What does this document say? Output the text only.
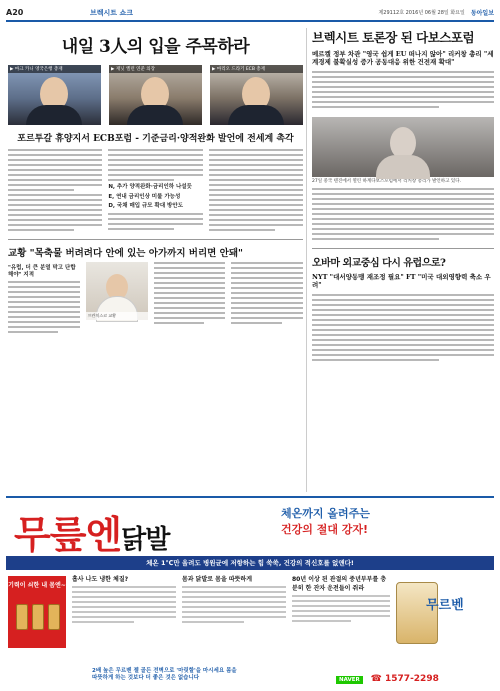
A20	브렉시트 쇼크	제29112호 2016년 06월 28일 화요일 동아일보
내일 3人의 입을 주목하라
▶ 마크 카니 영국은행 총재	▶ 재닛 옐런 연준 의장	▶ 마리오 드라기 ECB 총재
포르투갈 휴양지서 ECB포럼 - 기준금리·양적완화 발언에 전세계 촉각
N, 추가 양적완화·금리인하 나설듯
E, 연내 금리인상 미룰 가능성
D, 국채 매입 규모 확대 방안도
교황 "목축물 버려려다 안에 있는 아가까지 버리면 안돼"
"유럽, 더 큰 분열 막고 단합해야" 지적
프란치스코 교황
브렉시트 토론장 된 다보스포럼
메르켈 정부 차관 "영국 쉽게 EU 떠나지 않아" 리커창 총리 "세계경제 불확실성 증가 공동대응 위한 건전재 확대"
27일 중국 텐진에서 열린 하계다보스포럼에서 리커창 총리가 발언하고 있다.
오바마 외교중심 다시 유럽으로?
NYT "대서양동맹 재조정 필요" FT "미국 대외영향력 축소 우려"
무릎엔닭발
체온까지 올려주는
건강의 절대 강자!
체온 1℃만 올려도 병원균에 저항하는 힘 쑥쑥, 건강의 적신호를 없앤다!
기력이 쇠한 내 몸엔~
흡사 나도 냉한 체질?	몸과 닭발로 몸을 따뜻하게	80년 이상 된 관절의 중년부부를 충분히 한 잔자 운전들이 줘라
무르벤
2배 높은 무르벤 젤 골든 전벽으로 '마릿할'을 마시세요 몸을 따뜻하게 하는 것보다 더 좋은 것은 없습니다	NAVER ☎ 1577-2298
